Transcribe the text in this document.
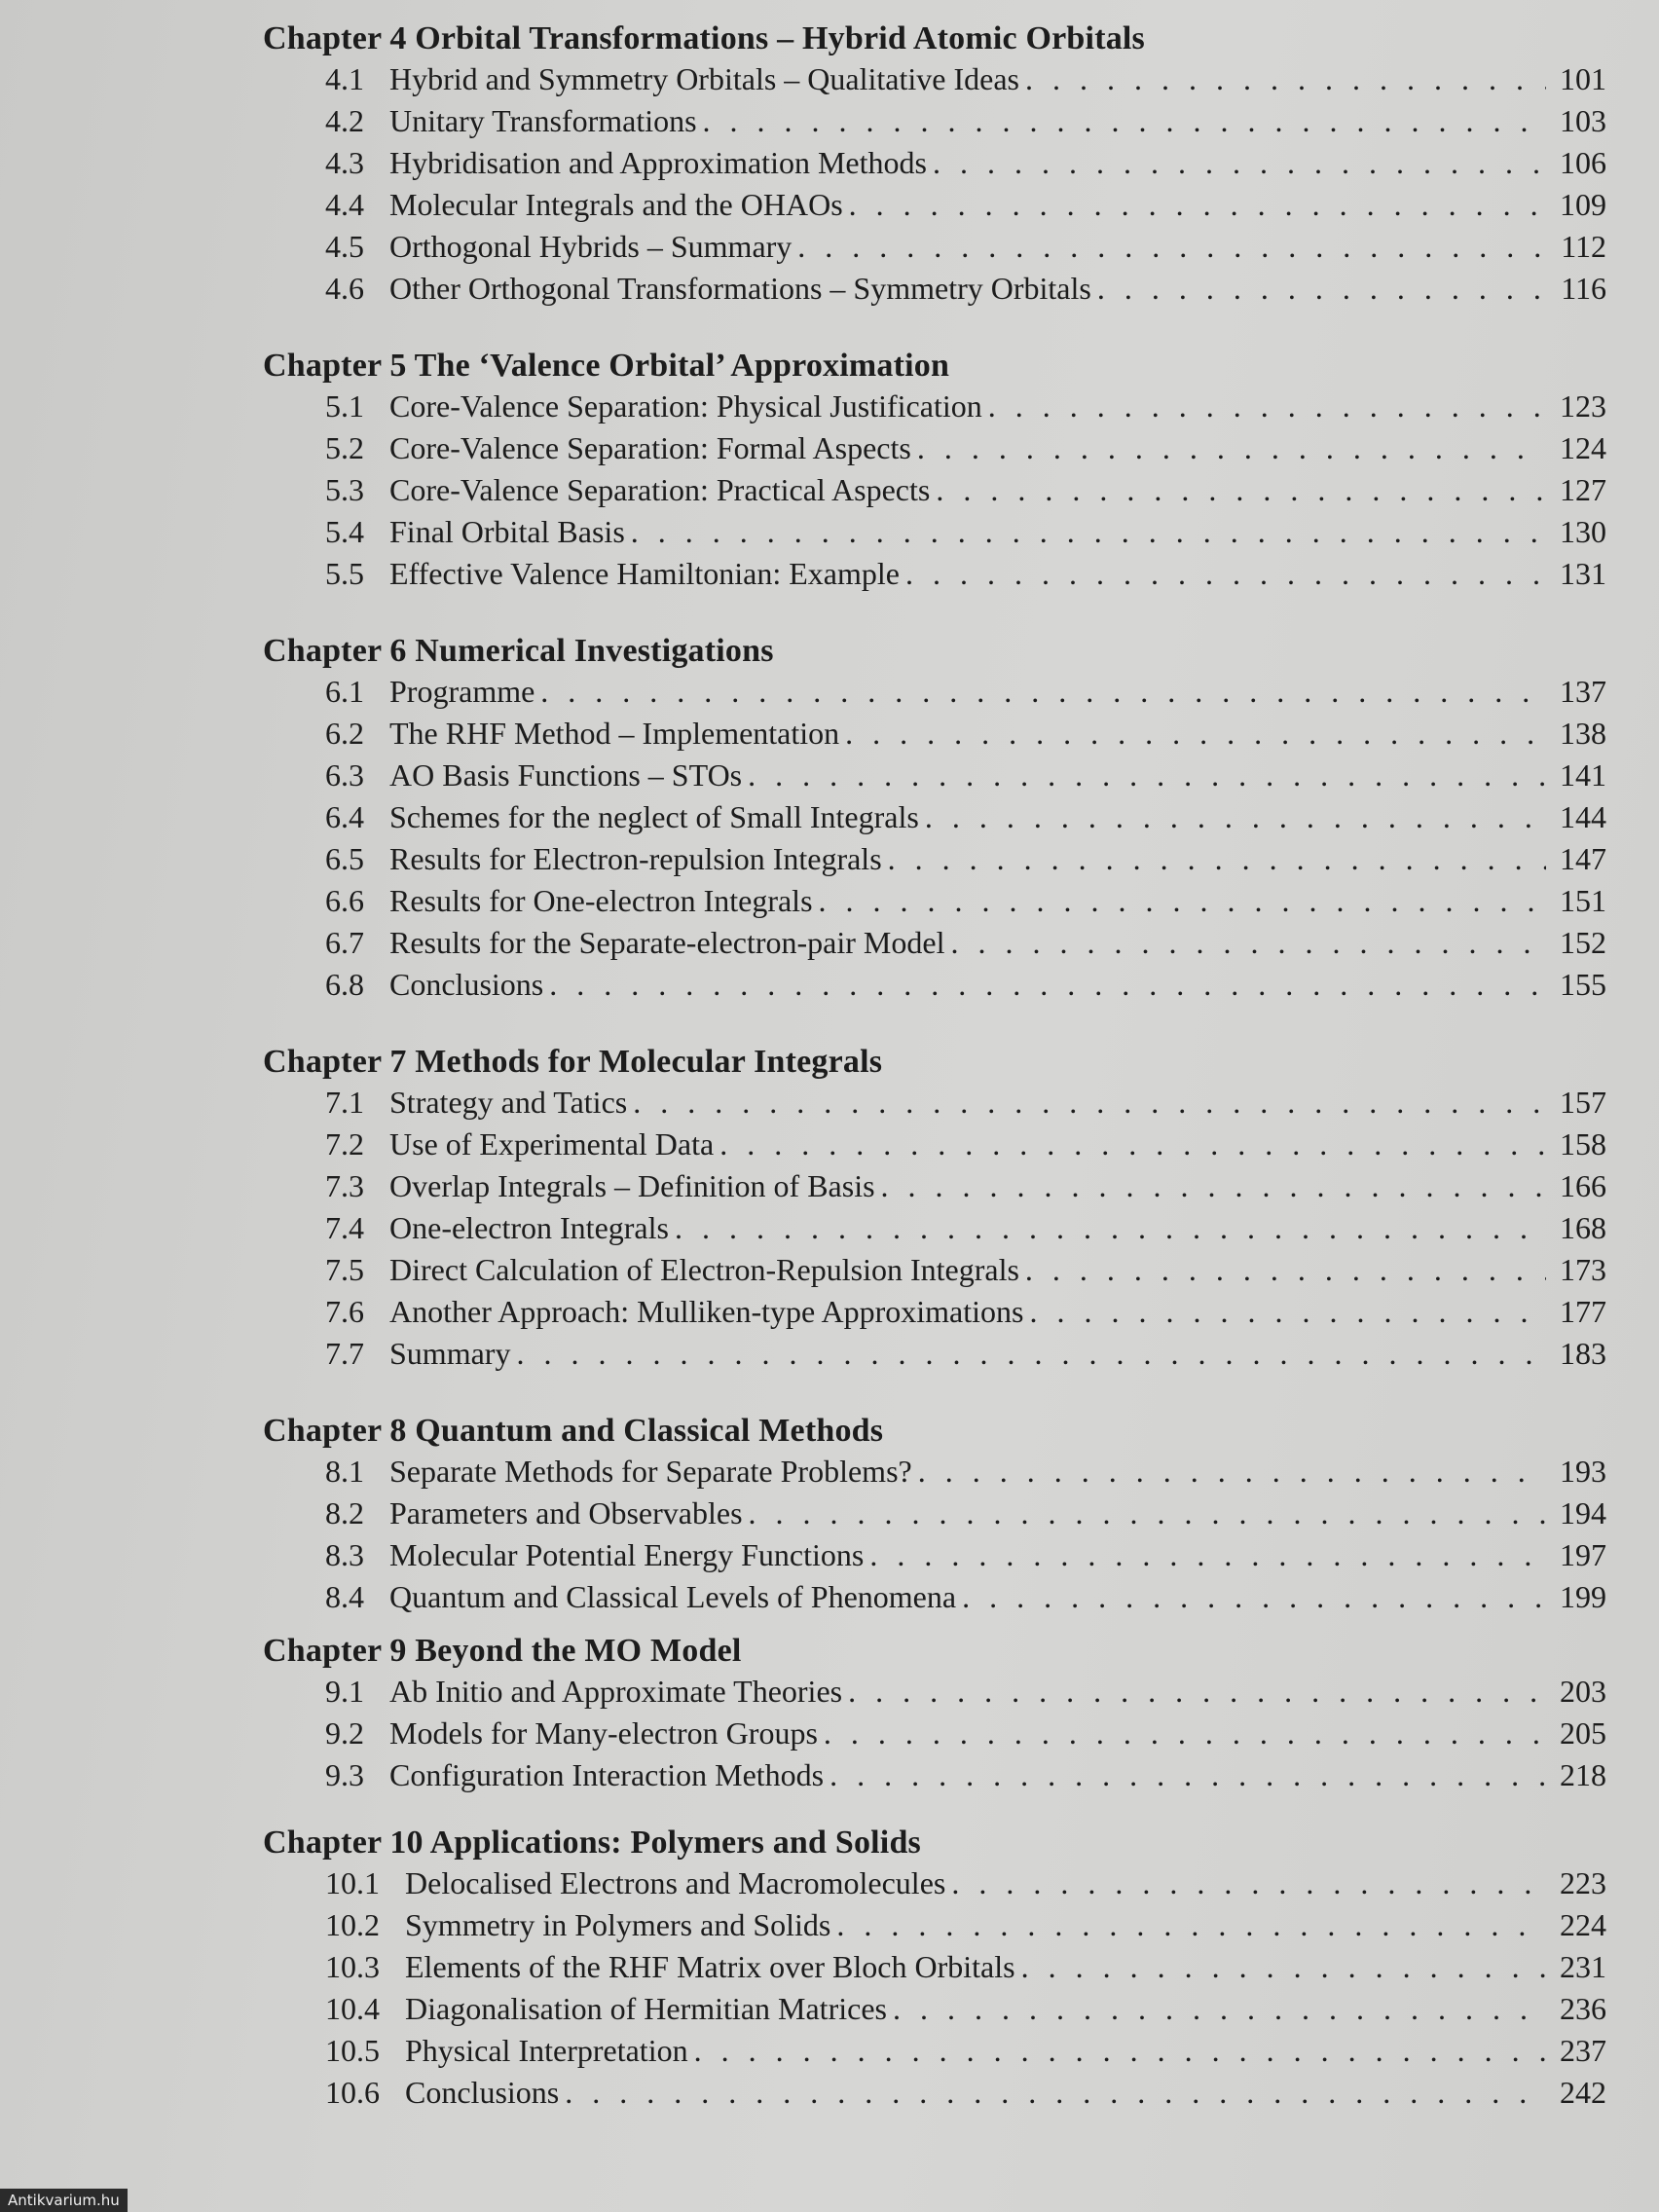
Chapter 4 Orbital Transformations – Hybrid Atomic Orbitals
4.1 Hybrid and Symmetry Orbitals – Qualitative Ideas . . .	101
4.2 Unitary Transformations . . .	103
4.3 Hybridisation and Approximation Methods . . .	106
4.4 Molecular Integrals and the OHAOs . . .	109
4.5 Orthogonal Hybrids – Summary . . .	112
4.6 Other Orthogonal Transformations – Symmetry Orbitals . . .	116
Chapter 5 The ‘Valence Orbital’ Approximation
5.1 Core-Valence Separation: Physical Justification . . .	123
5.2 Core-Valence Separation: Formal Aspects . . .	124
5.3 Core-Valence Separation: Practical Aspects . . .	127
5.4 Final Orbital Basis . . .	130
5.5 Effective Valence Hamiltonian: Example . . .	131
Chapter 6 Numerical Investigations
6.1 Programme . . .	137
6.2 The RHF Method – Implementation . . .	138
6.3 AO Basis Functions – STOs . . .	141
6.4 Schemes for the neglect of Small Integrals . . .	144
6.5 Results for Electron-repulsion Integrals . . .	147
6.6 Results for One-electron Integrals . . .	151
6.7 Results for the Separate-electron-pair Model . . .	152
6.8 Conclusions . . .	155
Chapter 7 Methods for Molecular Integrals
7.1 Strategy and Tatics . . .	157
7.2 Use of Experimental Data . . .	158
7.3 Overlap Integrals – Definition of Basis . . .	166
7.4 One-electron Integrals . . .	168
7.5 Direct Calculation of Electron-Repulsion Integrals . . .	173
7.6 Another Approach: Mulliken-type Approximations . . .	177
7.7 Summary . . .	183
Chapter 8 Quantum and Classical Methods
8.1 Separate Methods for Separate Problems? . . .	193
8.2 Parameters and Observables . . .	194
8.3 Molecular Potential Energy Functions . . .	197
8.4 Quantum and Classical Levels of Phenomena . . .	199
Chapter 9 Beyond the MO Model
9.1 Ab Initio and Approximate Theories . . .	203
9.2 Models for Many-electron Groups . . .	205
9.3 Configuration Interaction Methods . . .	218
Chapter 10 Applications: Polymers and Solids
10.1 Delocalised Electrons and Macromolecules . . .	223
10.2 Symmetry in Polymers and Solids . . .	224
10.3 Elements of the RHF Matrix over Bloch Orbitals . . .	231
10.4 Diagonalisation of Hermitian Matrices . . .	236
10.5 Physical Interpretation . . .	237
10.6 Conclusions . . .	242
Antikvarium.hu
